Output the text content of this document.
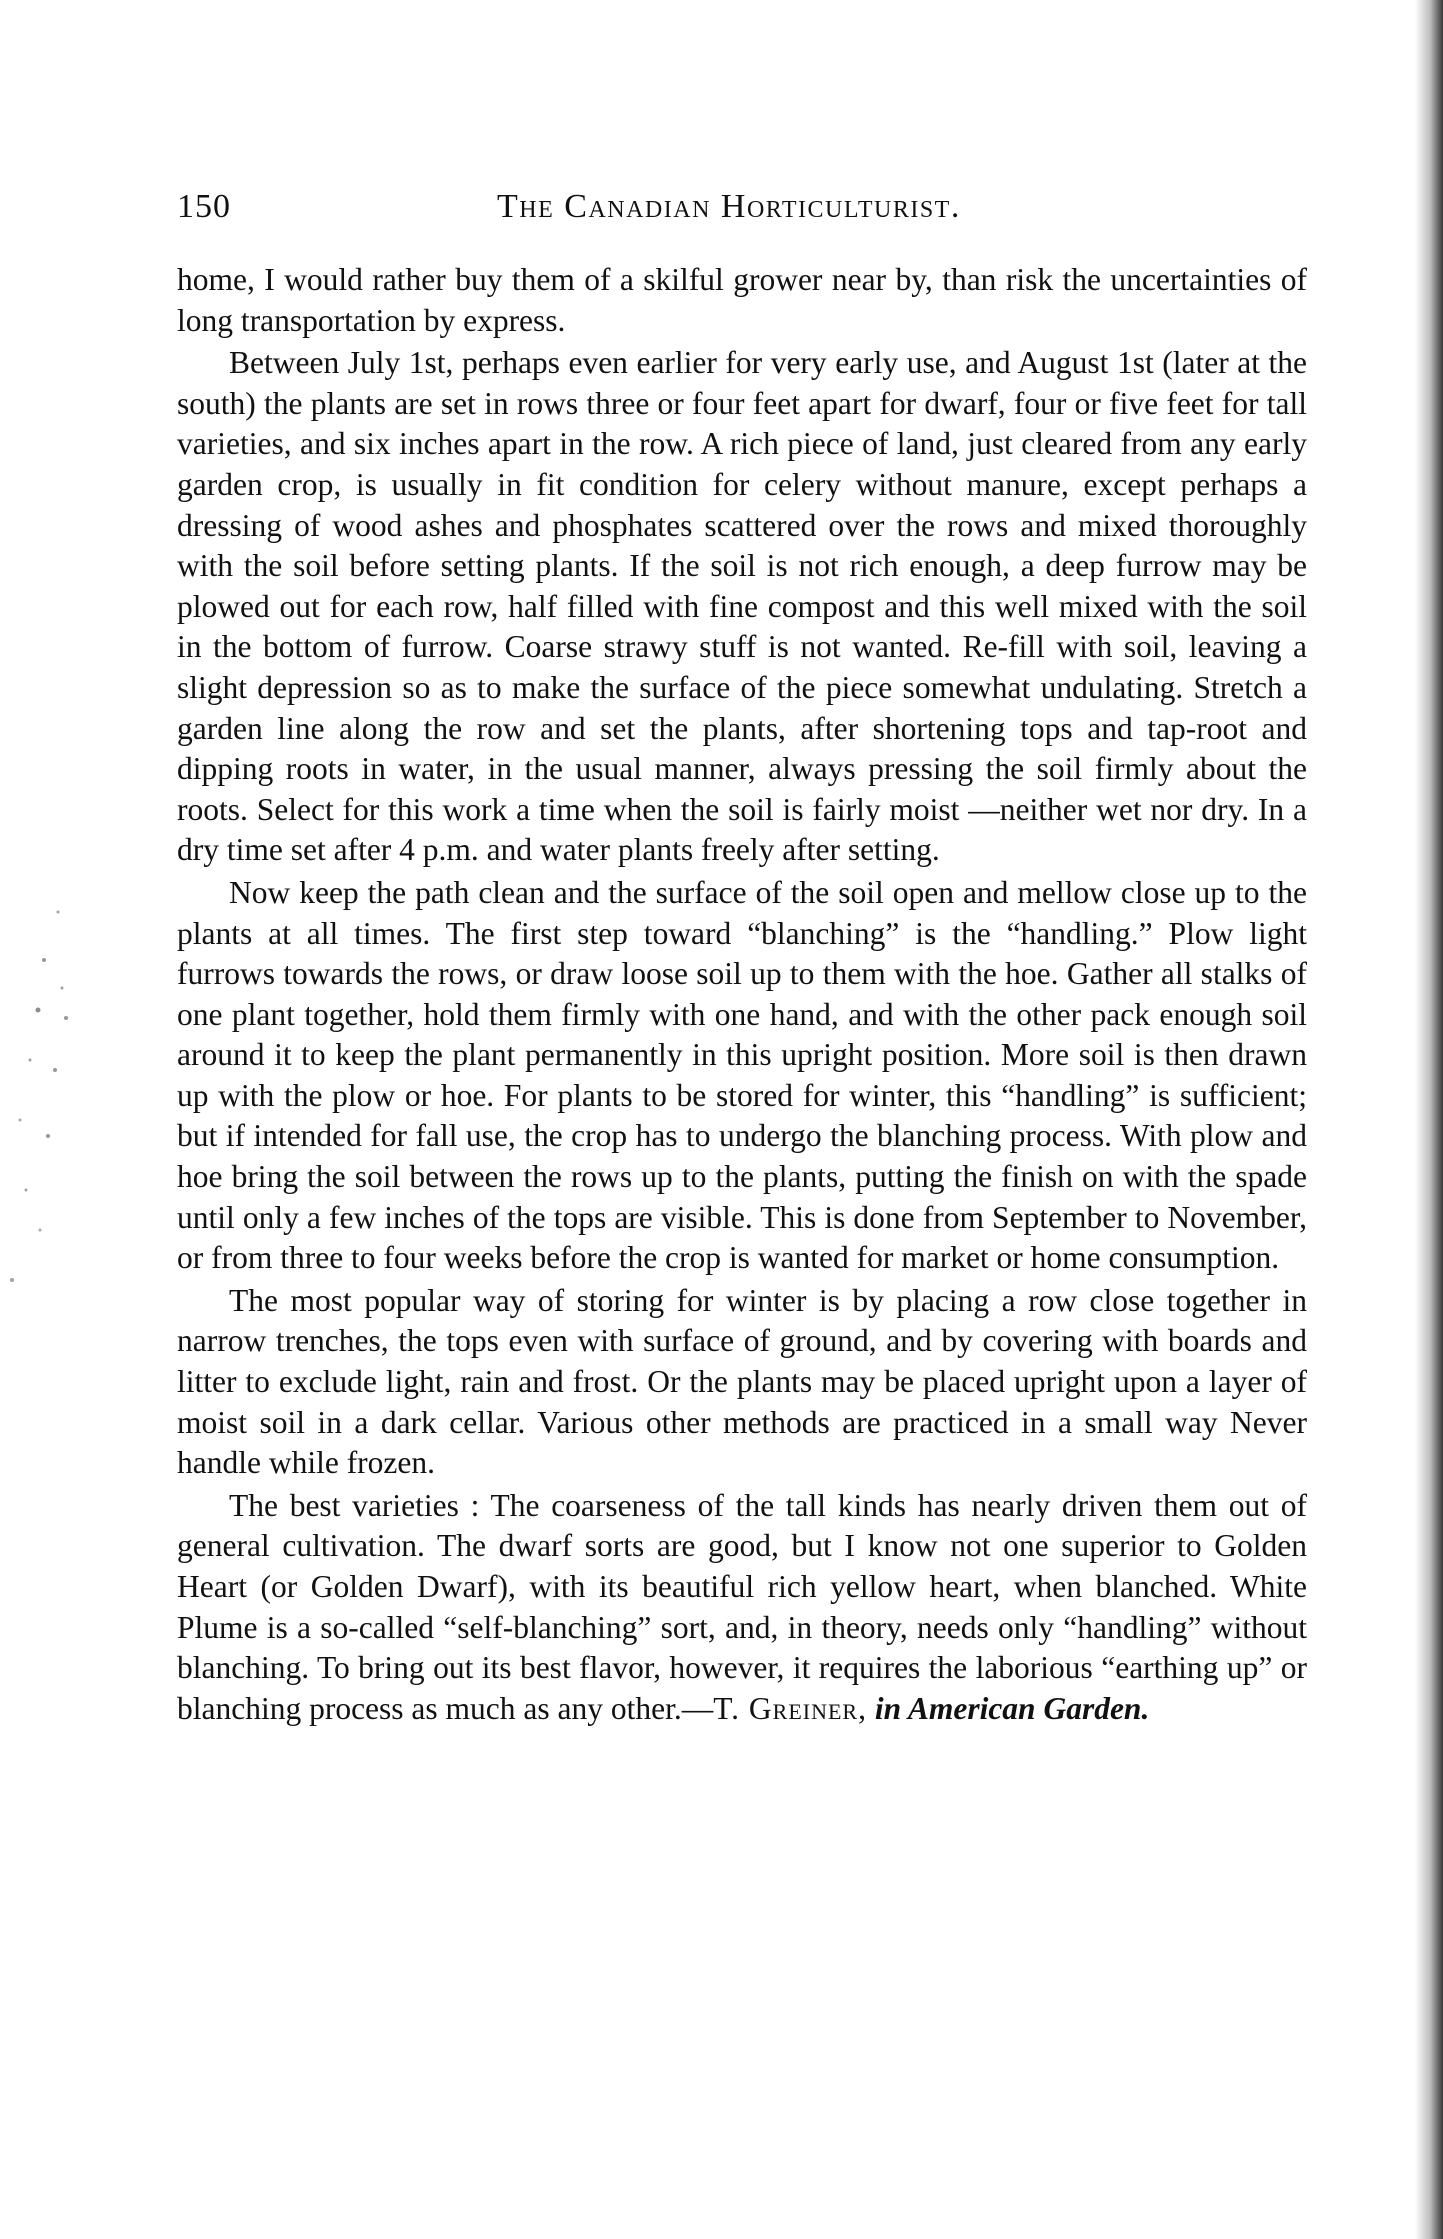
150	The Canadian Horticulturist.

home, I would rather buy them of a skilful grower near by, than risk the uncertainties of long transportation by express.

Between July 1st, perhaps even earlier for very early use, and August 1st (later at the south) the plants are set in rows three or four feet apart for dwarf, four or five feet for tall varieties, and six inches apart in the row. A rich piece of land, just cleared from any early garden crop, is usually in fit condition for celery without manure, except perhaps a dressing of wood ashes and phosphates scattered over the rows and mixed thoroughly with the soil before setting plants. If the soil is not rich enough, a deep furrow may be plowed out for each row, half filled with fine compost and this well mixed with the soil in the bottom of furrow. Coarse strawy stuff is not wanted. Re-fill with soil, leaving a slight depression so as to make the surface of the piece somewhat undulating. Stretch a garden line along the row and set the plants, after shortening tops and tap-root and dipping roots in water, in the usual manner, always pressing the soil firmly about the roots. Select for this work a time when the soil is fairly moist —neither wet nor dry. In a dry time set after 4 p.m. and water plants freely after setting.

Now keep the path clean and the surface of the soil open and mellow close up to the plants at all times. The first step toward “blanching” is the “handling.” Plow light furrows towards the rows, or draw loose soil up to them with the hoe. Gather all stalks of one plant together, hold them firmly with one hand, and with the other pack enough soil around it to keep the plant permanently in this upright position. More soil is then drawn up with the plow or hoe. For plants to be stored for winter, this “handling” is sufficient; but if intended for fall use, the crop has to undergo the blanching process. With plow and hoe bring the soil between the rows up to the plants, putting the finish on with the spade until only a few inches of the tops are visible. This is done from September to November, or from three to four weeks before the crop is wanted for market or home consumption.

The most popular way of storing for winter is by placing a row close together in narrow trenches, the tops even with surface of ground, and by covering with boards and litter to exclude light, rain and frost. Or the plants may be placed upright upon a layer of moist soil in a dark cellar. Various other methods are practiced in a small way Never handle while frozen.

The best varieties : The coarseness of the tall kinds has nearly driven them out of general cultivation. The dwarf sorts are good, but I know not one superior to Golden Heart (or Golden Dwarf), with its beautiful rich yellow heart, when blanched. White Plume is a so-called “self-blanching” sort, and, in theory, needs only “handling” without blanching. To bring out its best flavor, however, it requires the laborious “earthing up” or blanching process as much as any other.—T. Greiner, in American Garden.
